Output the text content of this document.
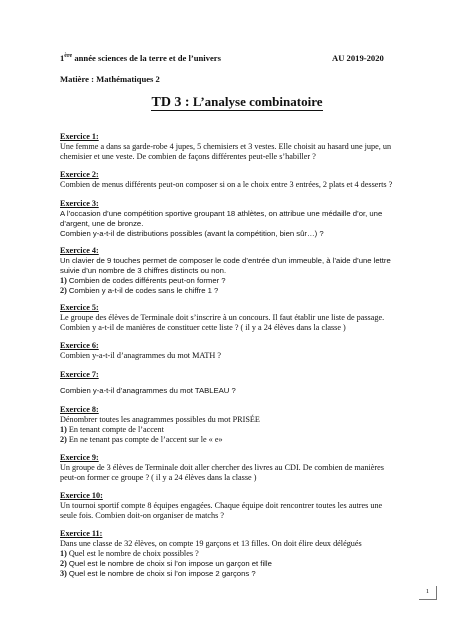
1ère année sciences de la terre et de l’univers	AU 2019-2020
Matière : Mathématiques 2
TD 3 : L’analyse combinatoire
Exercice 1:
Une femme a dans sa garde-robe 4 jupes, 5 chemisiers et 3 vestes. Elle choisit au hasard une jupe, un
chemisier et une veste. De combien de façons différentes peut-elle s’habiller ?
Exercice 2:
Combien de menus différents peut-on composer si on a le choix entre 3 entrées, 2 plats et 4 desserts ?
Exercice 3:
A l’occasion d’une compétition sportive groupant 18 athlètes, on attribue une médaille d’or, une
d’argent, une de bronze.
Combien y-a-t-il de distributions possibles (avant la compétition, bien sûr…) ?
Exercice 4:
Un clavier de 9 touches permet de composer le code d’entrée d’un immeuble, à l’aide d’une lettre
suivie d’un nombre de 3 chiffres distincts ou non.
1) Combien de codes différents peut-on former ?
2) Combien y a-t-il de codes sans le chiffre 1 ?
Exercice 5:
Le groupe des élèves de Terminale doit s’inscrire à un concours. Il faut établir une liste de passage.
Combien y a-t-il de manières de constituer cette liste ? ( il y a 24 élèves dans la classe )
Exercice 6:
Combien y-a-t-il d’anagrammes du mot MATH ?
Exercice 7:
Combien y-a-t-il d’anagrammes du mot TABLEAU ?
Exercice 8:
Dénombrer toutes les anagrammes possibles du mot PRISÉE
1) En tenant compte de l’accent
2) En ne tenant pas compte de l’accent sur le « e»
Exercice 9:
Un groupe de 3 élèves de Terminale doit aller chercher des livres au CDI. De combien de manières
peut-on former ce groupe ? ( il y a 24 élèves dans la classe )
Exercice 10:
Un tournoi sportif compte 8 équipes engagées. Chaque équipe doit rencontrer toutes les autres une
seule fois. Combien doit-on organiser de matchs ?
Exercice 11:
Dans une classe de 32 élèves, on compte 19 garçons et 13 filles. On doit élire deux délégués
1) Quel est le nombre de choix possibles ?
2) Quel est le nombre de choix si l’on impose un garçon et fille
3) Quel est le nombre de choix si l’on impose 2 garçons ?
1
